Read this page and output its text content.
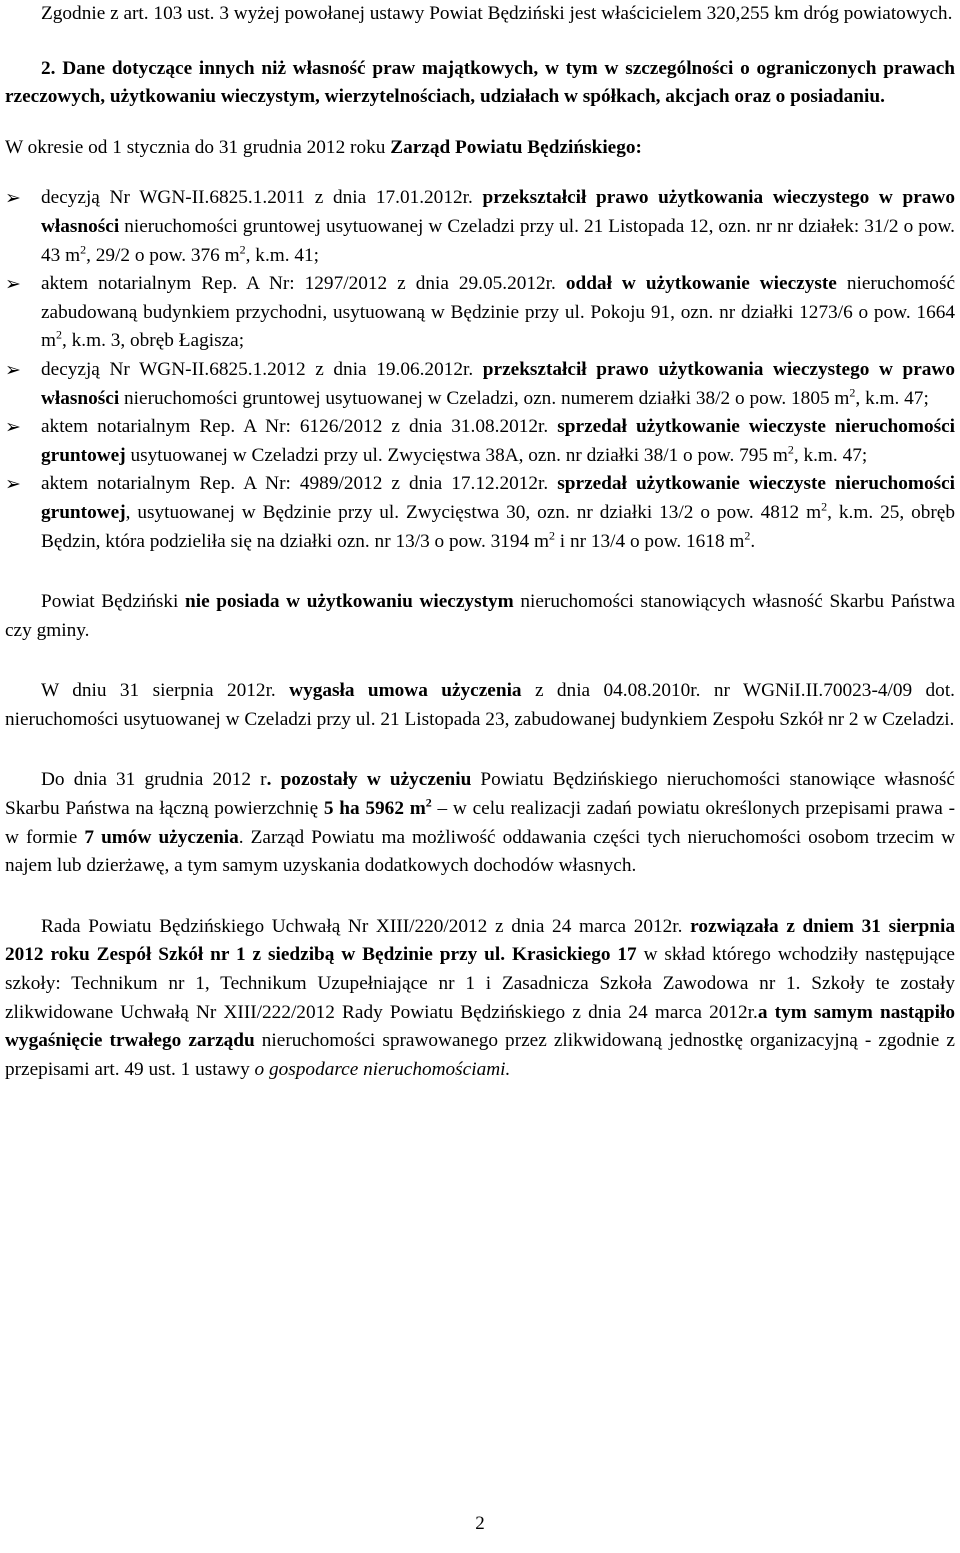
Zgodnie z art. 103 ust. 3 wyżej powołanej ustawy Powiat Będziński jest właścicielem 320,255 km dróg powiatowych.

2. Dane dotyczące innych niż własność praw majątkowych, w tym w szczególności o ograniczonych prawach rzeczowych, użytkowaniu wieczystym, wierzytelnościach, udziałach w spółkach, akcjach oraz o posiadaniu.

W okresie od 1 stycznia do 31 grudnia 2012 roku Zarząd Powiatu Będzińskiego:

➢	decyzją Nr WGN-II.6825.1.2011 z dnia 17.01.2012r. przekształcił prawo użytkowania wieczystego w prawo własności nieruchomości gruntowej usytuowanej w Czeladzi przy ul. 21 Listopada 12, ozn. nr nr działek: 31/2 o pow. 43 $m^2$, 29/2 o pow. 376 $m^2$, k.m. 41;
➢	aktem notarialnym Rep. A Nr: 1297/2012 z dnia 29.05.2012r. oddał w użytkowanie wieczyste nieruchomość zabudowaną budynkiem przychodni, usytuowaną w Będzinie przy ul. Pokoju 91, ozn. nr działki 1273/6 o pow. 1664 $m^2$, k.m. 3, obręb Łagisza;
➢	decyzją Nr WGN-II.6825.1.2012 z dnia 19.06.2012r. przekształcił prawo użytkowania wieczystego w prawo własności nieruchomości gruntowej usytuowanej w Czeladzi, ozn. numerem działki 38/2 o pow. 1805 $m^2$, k.m. 47;
➢	aktem notarialnym Rep. A Nr: 6126/2012 z dnia 31.08.2012r. sprzedał użytkowanie wieczyste nieruchomości gruntowej usytuowanej w Czeladzi przy ul. Zwycięstwa 38A, ozn. nr działki 38/1 o pow. 795 $m^2$, k.m. 47;
➢	aktem notarialnym Rep. A Nr: 4989/2012 z dnia 17.12.2012r. sprzedał użytkowanie wieczyste nieruchomości gruntowej, usytuowanej w Będzinie przy ul. Zwycięstwa 30, ozn. nr działki 13/2 o pow. 4812 $m^2$, k.m. 25, obręb Będzin, która podzieliła się na działki ozn. nr 13/3 o pow. 3194 $m^2$ i nr 13/4 o pow. 1618 $m^2$.

Powiat Będziński nie posiada w użytkowaniu wieczystym nieruchomości stanowiących własność Skarbu Państwa czy gminy.

W dniu 31 sierpnia 2012r. wygasła umowa użyczenia z dnia 04.08.2010r. nr WGNiI.II.70023-4/09 dot. nieruchomości usytuowanej w Czeladzi przy ul. 21 Listopada 23, zabudowanej budynkiem Zespołu Szkół nr 2 w Czeladzi.

Do dnia 31 grudnia 2012 r. pozostały w użyczeniu Powiatu Będzińskiego nieruchomości stanowiące własność Skarbu Państwa na łączną powierzchnię 5 ha 5962 $m^2$ – w celu realizacji zadań powiatu określonych przepisami prawa - w formie 7 umów użyczenia. Zarząd Powiatu ma możliwość oddawania części tych nieruchomości osobom trzecim w najem lub dzierżawę, a tym samym uzyskania dodatkowych dochodów własnych.

Rada Powiatu Będzińskiego Uchwałą Nr XIII/220/2012 z dnia 24 marca 2012r. rozwiązała z dniem 31 sierpnia 2012 roku Zespół Szkół nr 1 z siedzibą w Będzinie przy ul. Krasickiego 17 w skład którego wchodziły następujące szkoły: Technikum nr 1, Technikum Uzupełniające nr 1 i Zasadnicza Szkoła Zawodowa nr 1. Szkoły te zostały zlikwidowane Uchwałą Nr XIII/222/2012 Rady Powiatu Będzińskiego z dnia 24 marca 2012r.a tym samym nastąpiło wygaśnięcie trwałego zarządu nieruchomości sprawowanego przez zlikwidowaną jednostkę organizacyjną - zgodnie z przepisami art. 49 ust. 1 ustawy o gospodarce nieruchomościami.

2
